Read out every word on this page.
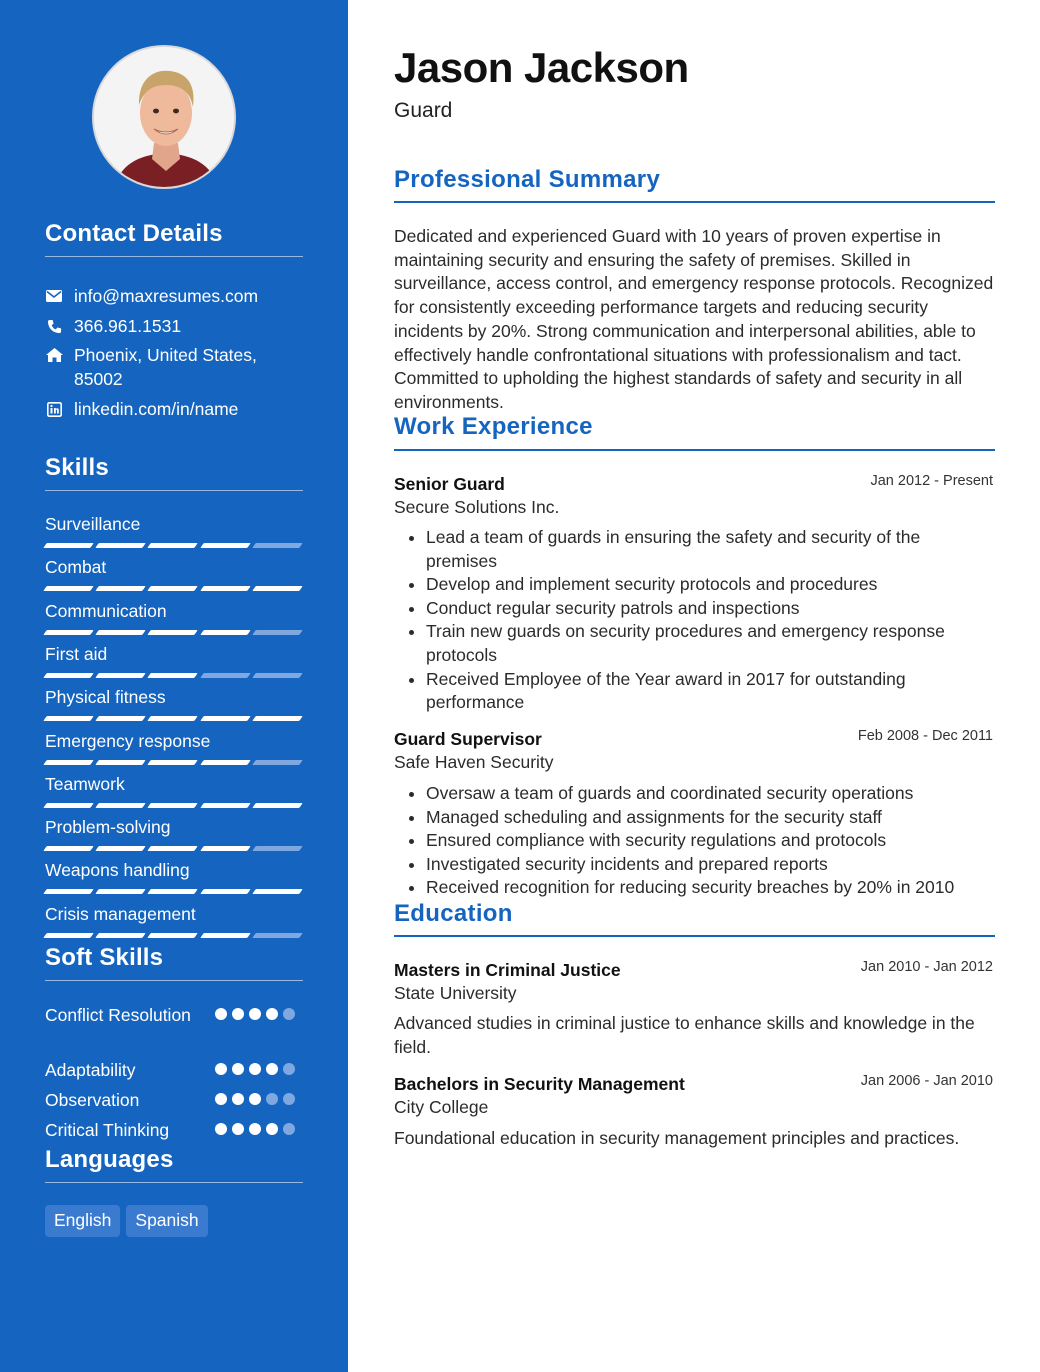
Contact Details
info@maxresumes.com
366.961.1531
Phoenix, United States, 85002
linkedin.com/in/name
Skills
Surveillance
Combat
Communication
First aid
Physical fitness
Emergency response
Teamwork
Problem-solving
Weapons handling
Crisis management
Soft Skills
Conflict Resolution
Adaptability
Observation
Critical Thinking
Languages
English	Spanish
Jason Jackson
Guard
Professional Summary
Dedicated and experienced Guard with 10 years of proven expertise in maintaining security and ensuring the safety of premises. Skilled in surveillance, access control, and emergency response protocols. Recognized for consistently exceeding performance targets and reducing security incidents by 20%. Strong communication and interpersonal abilities, able to effectively handle confrontational situations with professionalism and tact. Committed to upholding the highest standards of safety and security in all environments.
Work Experience
Senior Guard	Jan 2012 - Present
Secure Solutions Inc.
Lead a team of guards in ensuring the safety and security of the premises
Develop and implement security protocols and procedures
Conduct regular security patrols and inspections
Train new guards on security procedures and emergency response protocols
Received Employee of the Year award in 2017 for outstanding performance
Guard Supervisor	Feb 2008 - Dec 2011
Safe Haven Security
Oversaw a team of guards and coordinated security operations
Managed scheduling and assignments for the security staff
Ensured compliance with security regulations and protocols
Investigated security incidents and prepared reports
Received recognition for reducing security breaches by 20% in 2010
Education
Masters in Criminal Justice	Jan 2010 - Jan 2012
State University
Advanced studies in criminal justice to enhance skills and knowledge in the field.
Bachelors in Security Management	Jan 2006 - Jan 2010
City College
Foundational education in security management principles and practices.
